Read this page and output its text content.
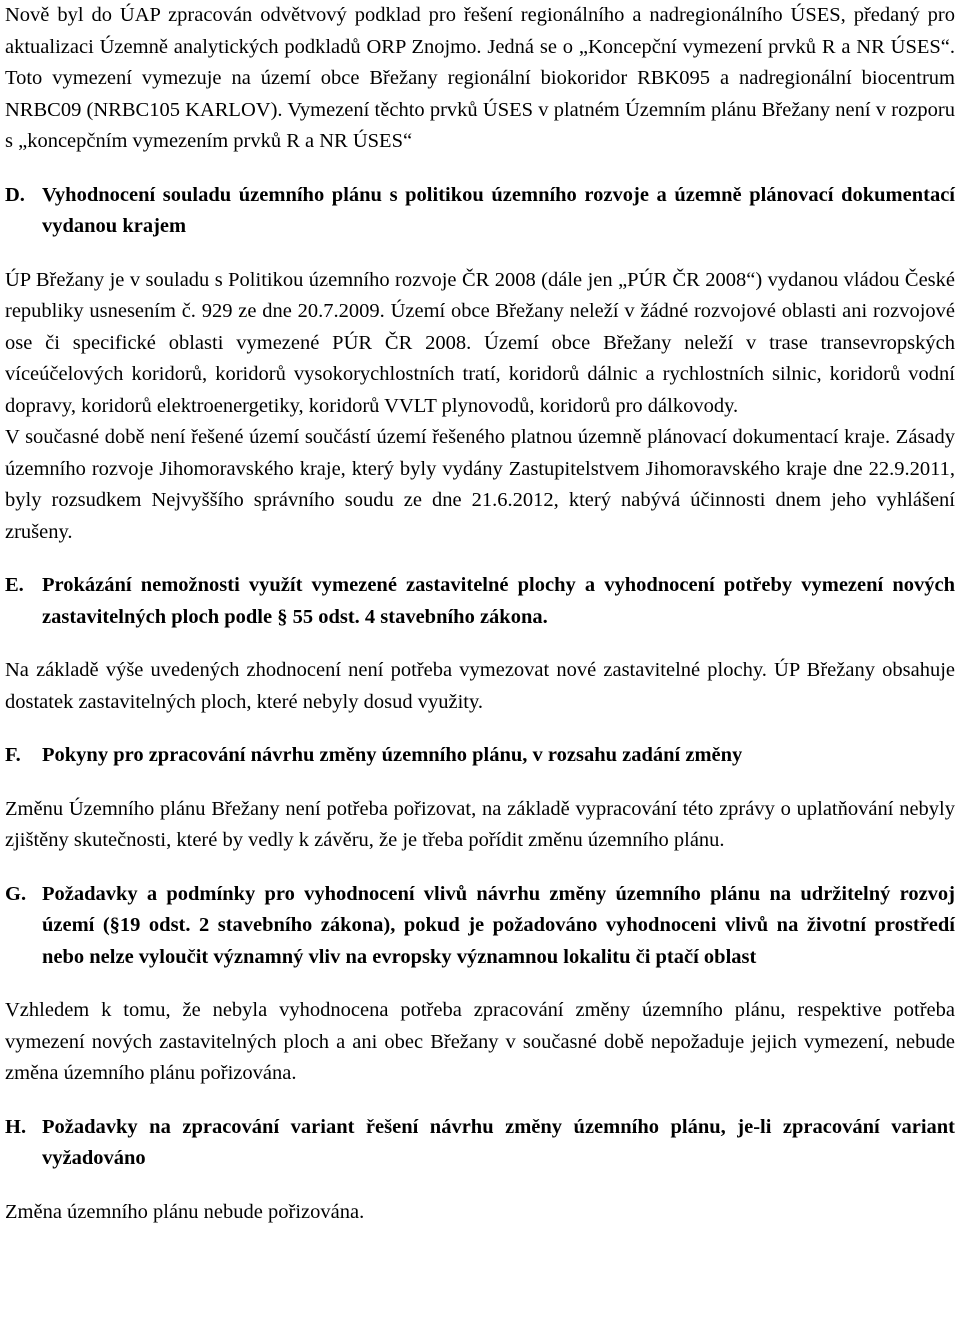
Nově byl do ÚAP zpracován odvětvový podklad pro řešení regionálního a nadregionálního ÚSES, předaný pro aktualizaci Územně analytických podkladů ORP Znojmo. Jedná se o „Koncepční vymezení prvků R a NR ÚSES“. Toto vymezení vymezuje na území obce Břežany regionální biokoridor RBK095 a nadregionální biocentrum NRBC09 (NRBC105 KARLOV). Vymezení těchto prvků ÚSES v platném Územním plánu Břežany není v rozporu s „koncepčním vymezením prvků R a NR ÚSES“

D. Vyhodnocení souladu územního plánu s politikou územního rozvoje a územně plánovací dokumentací vydanou krajem

ÚP Břežany je v souladu s Politikou územního rozvoje ČR 2008 (dále jen „PÚR ČR 2008“) vydanou vládou České republiky usnesením č. 929 ze dne 20.7.2009. Území obce Břežany neleží v žádné rozvojové oblasti ani rozvojové ose či specifické oblasti vymezené PÚR ČR 2008. Území obce Břežany neleží v trase transevropských víceúčelových koridorů, koridorů vysokorychlostních tratí, koridorů dálnic a rychlostních silnic, koridorů vodní dopravy, koridorů elektroenergetiky, koridorů VVLT plynovodů, koridorů pro dálkovody.

V současné době není řešené území součástí území řešeného platnou územně plánovací dokumentací kraje. Zásady územního rozvoje Jihomoravského kraje, který byly vydány Zastupitelstvem Jihomoravského kraje dne 22.9.2011, byly rozsudkem Nejvyššího správního soudu ze dne 21.6.2012, který nabývá účinnosti dnem jeho vyhlášení zrušeny.

E. Prokázání nemožnosti využít vymezené zastavitelné plochy a vyhodnocení potřeby vymezení nových zastavitelných ploch podle § 55 odst. 4 stavebního zákona.

Na základě výše uvedených zhodnocení není potřeba vymezovat nové zastavitelné plochy. ÚP Břežany obsahuje dostatek zastavitelných ploch, které nebyly dosud využity.

F.	Pokyny pro zpracování návrhu změny územního plánu, v rozsahu zadání změny

Změnu Územního plánu Břežany není potřeba pořizovat, na základě vypracování této zprávy o uplatňování nebyly zjištěny skutečnosti, které by vedly k závěru, že je třeba pořídit změnu územního plánu.

G. Požadavky a podmínky pro vyhodnocení vlivů návrhu změny územního plánu na udržitelný rozvoj území (§19 odst. 2 stavebního zákona), pokud je požadováno vyhodnoceni vlivů na životní prostředí nebo nelze vyloučit významný vliv na evropsky významnou lokalitu či ptačí oblast

Vzhledem k tomu, že nebyla vyhodnocena potřeba zpracování změny územního plánu, respektive potřeba vymezení nových zastavitelných ploch a ani obec Břežany v současné době nepožaduje jejich vymezení, nebude změna územního plánu pořizována.

H. Požadavky na zpracování variant řešení návrhu změny územního plánu, je-li zpracování variant vyžadováno

Změna územního plánu nebude pořizována.
